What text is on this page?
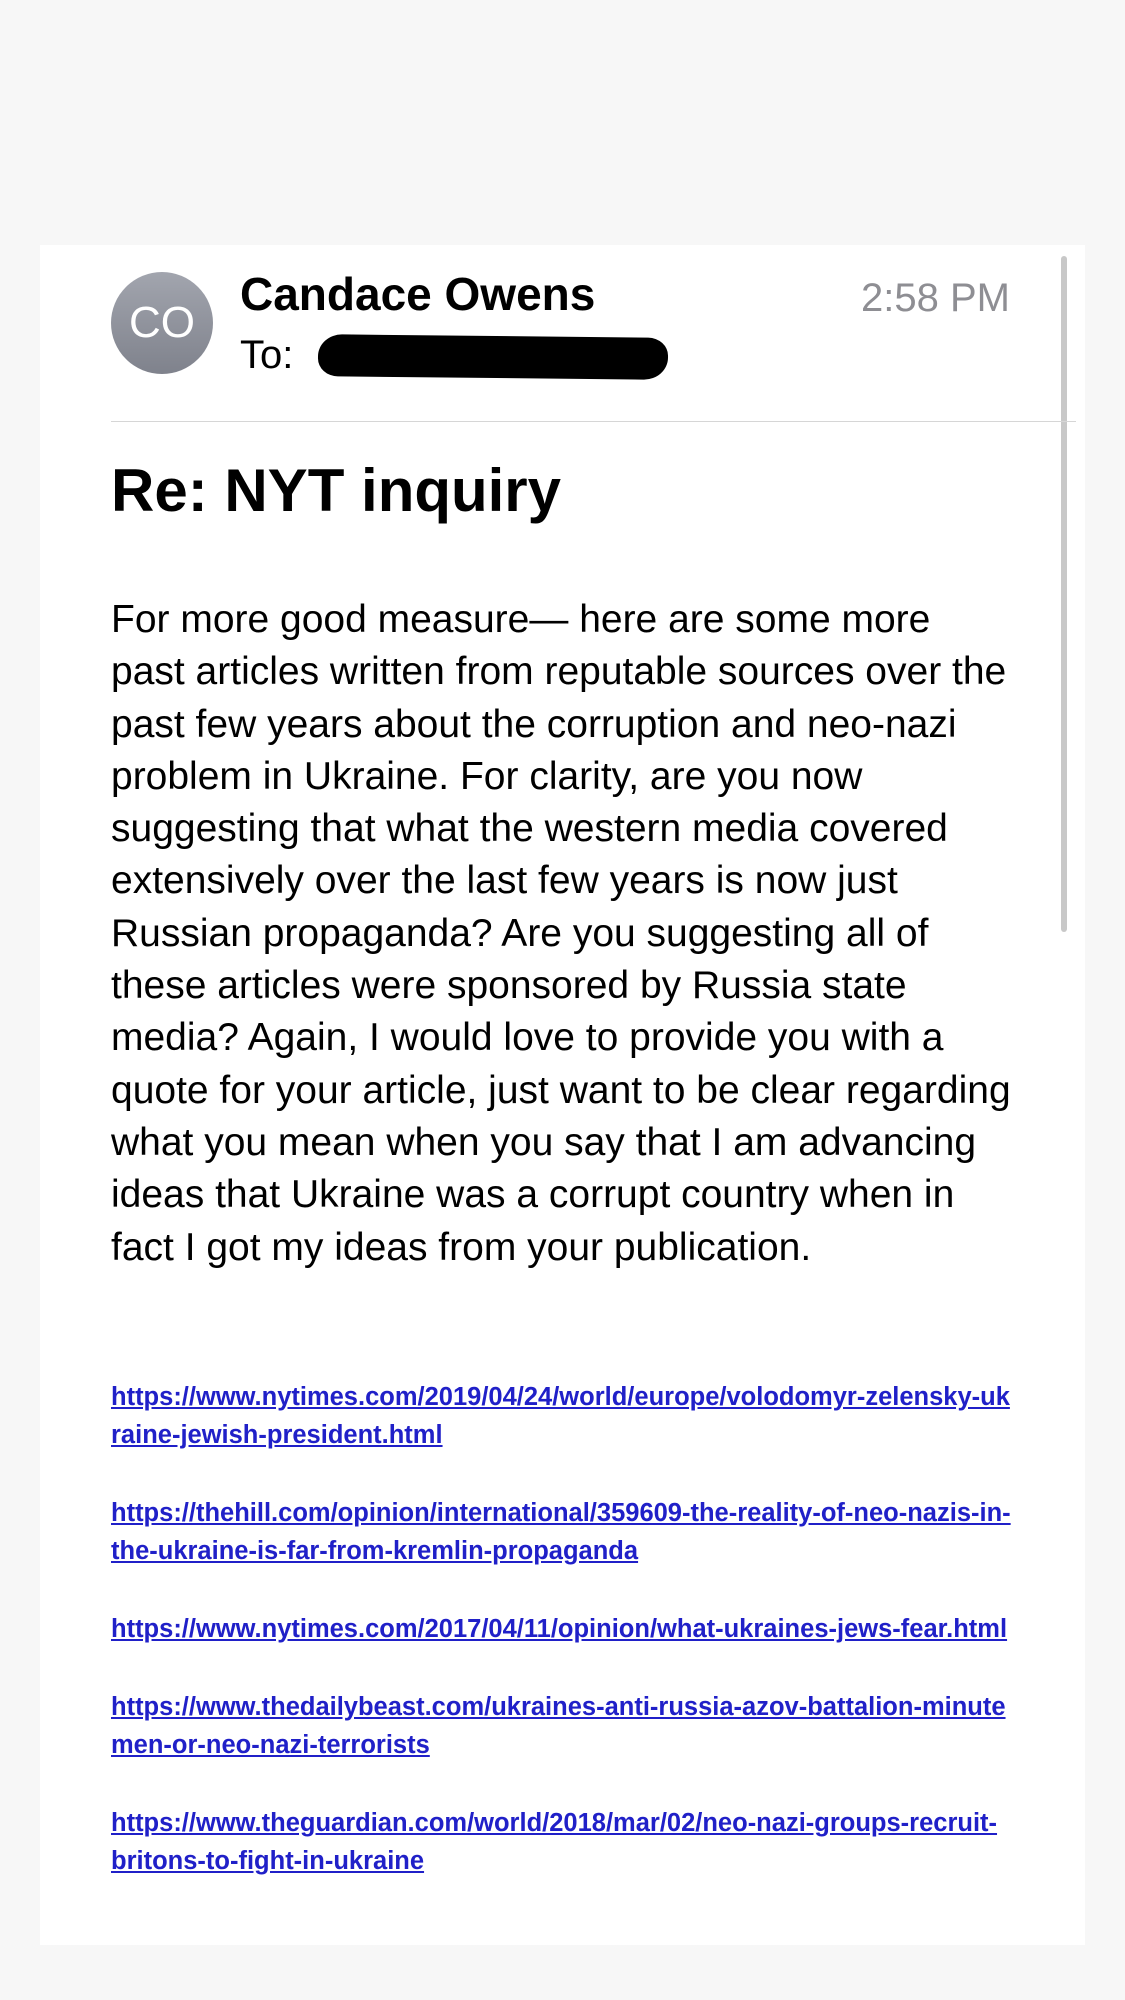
CO
Candace Owens
To:
2:58 PM
Re: NYT inquiry

For more good measure— here are some more past articles written from reputable sources over the past few years about the corruption and neo-nazi problem in Ukraine. For clarity, are you now suggesting that what the western media covered extensively over the last few years is now just Russian propaganda? Are you suggesting all of these articles were sponsored by Russia state media? Again, I would love to provide you with a quote for your article, just want to be clear regarding what you mean when you say that I am advancing ideas that Ukraine was a corrupt country when in fact I got my ideas from your publication.

https://www.nytimes.com/2019/04/24/world/europe/volodomyr-zelensky-ukraine-jewish-president.html
https://thehill.com/opinion/international/359609-the-reality-of-neo-nazis-in-the-ukraine-is-far-from-kremlin-propaganda
https://www.nytimes.com/2017/04/11/opinion/what-ukraines-jews-fear.html
https://www.thedailybeast.com/ukraines-anti-russia-azov-battalion-minutemen-or-neo-nazi-terrorists
https://www.theguardian.com/world/2018/mar/02/neo-nazi-groups-recruit-britons-to-fight-in-ukraine
